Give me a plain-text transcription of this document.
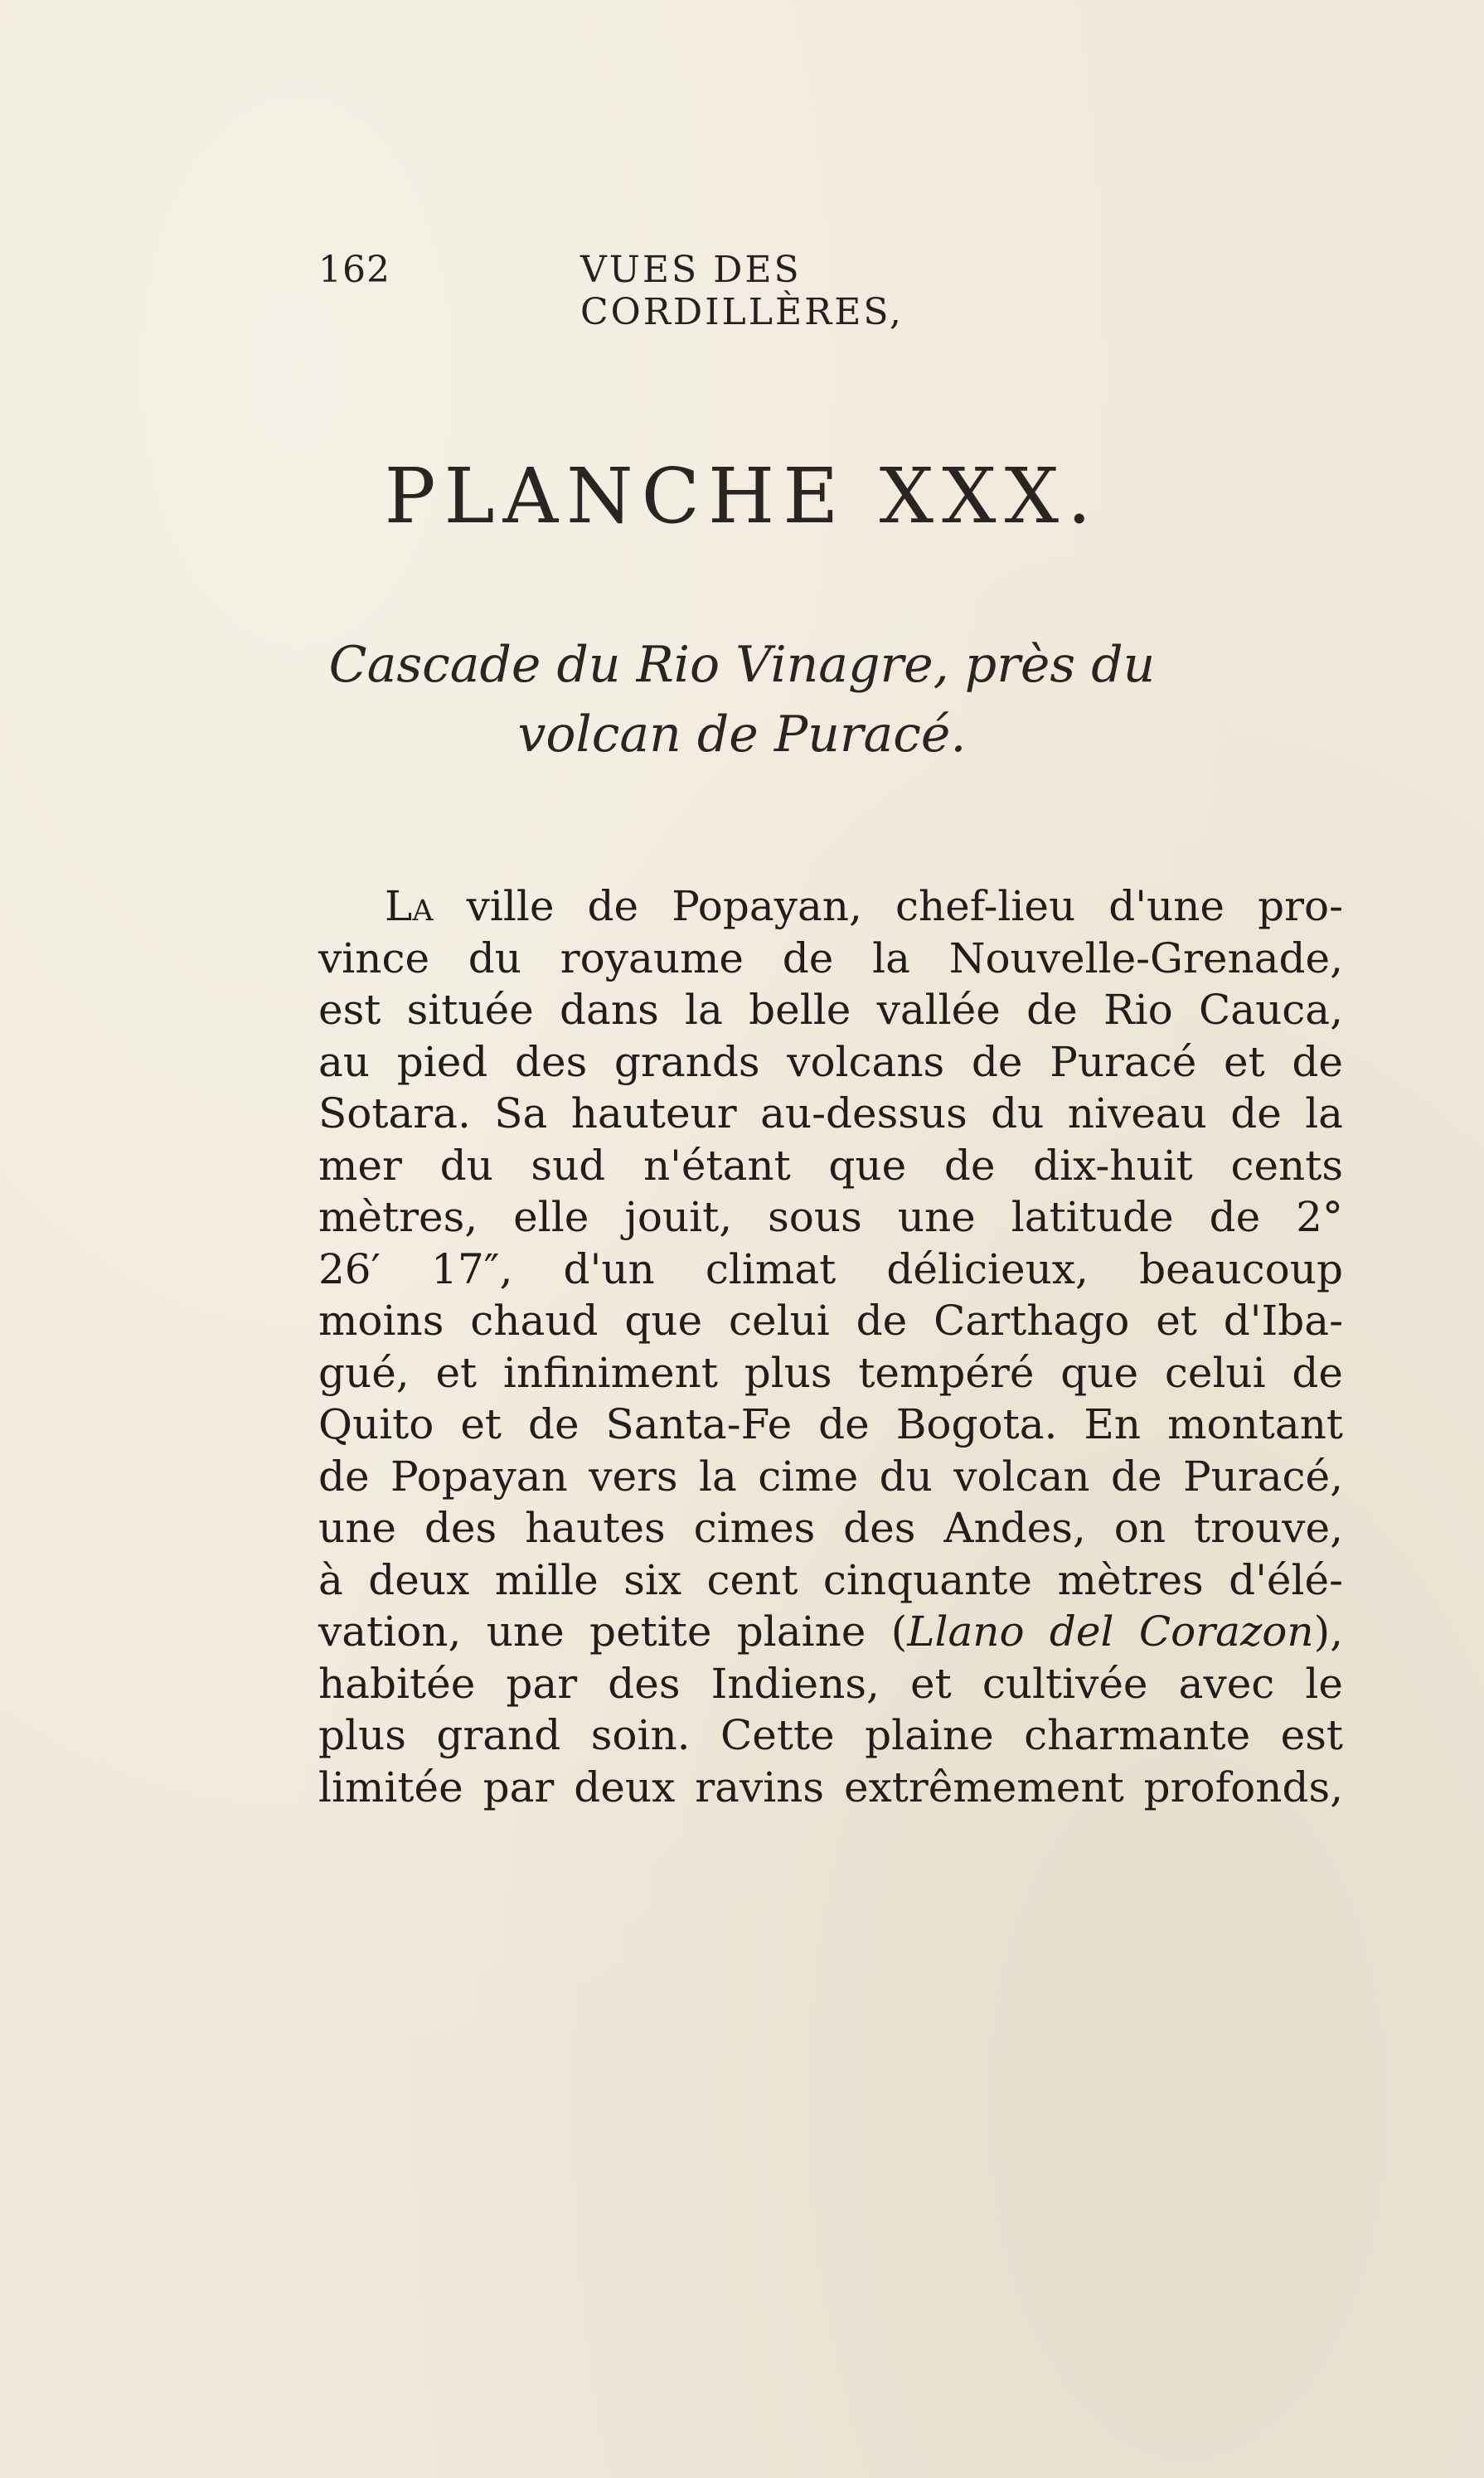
162	VUES DES CORDILLÈRES,
PLANCHE XXX.
Cascade du Rio Vinagre, près du
volcan de Puracé.
La ville de Popayan, chef-lieu d'une pro-
vince du royaume de la Nouvelle-Grenade,
est située dans la belle vallée de Rio Cauca,
au pied des grands volcans de Puracé et de
Sotara. Sa hauteur au-dessus du niveau de la
mer du sud n'étant que de dix-huit cents
mètres, elle jouit, sous une latitude de 2°
26′ 17″, d'un climat délicieux, beaucoup
moins chaud que celui de Carthago et d'Iba-
gué, et infiniment plus tempéré que celui de
Quito et de Santa-Fe de Bogota. En montant
de Popayan vers la cime du volcan de Puracé,
une des hautes cimes des Andes, on trouve,
à deux mille six cent cinquante mètres d'élé-
vation, une petite plaine (Llano del Corazon),
habitée par des Indiens, et cultivée avec le
plus grand soin. Cette plaine charmante est
limitée par deux ravins extrêmement profonds,
